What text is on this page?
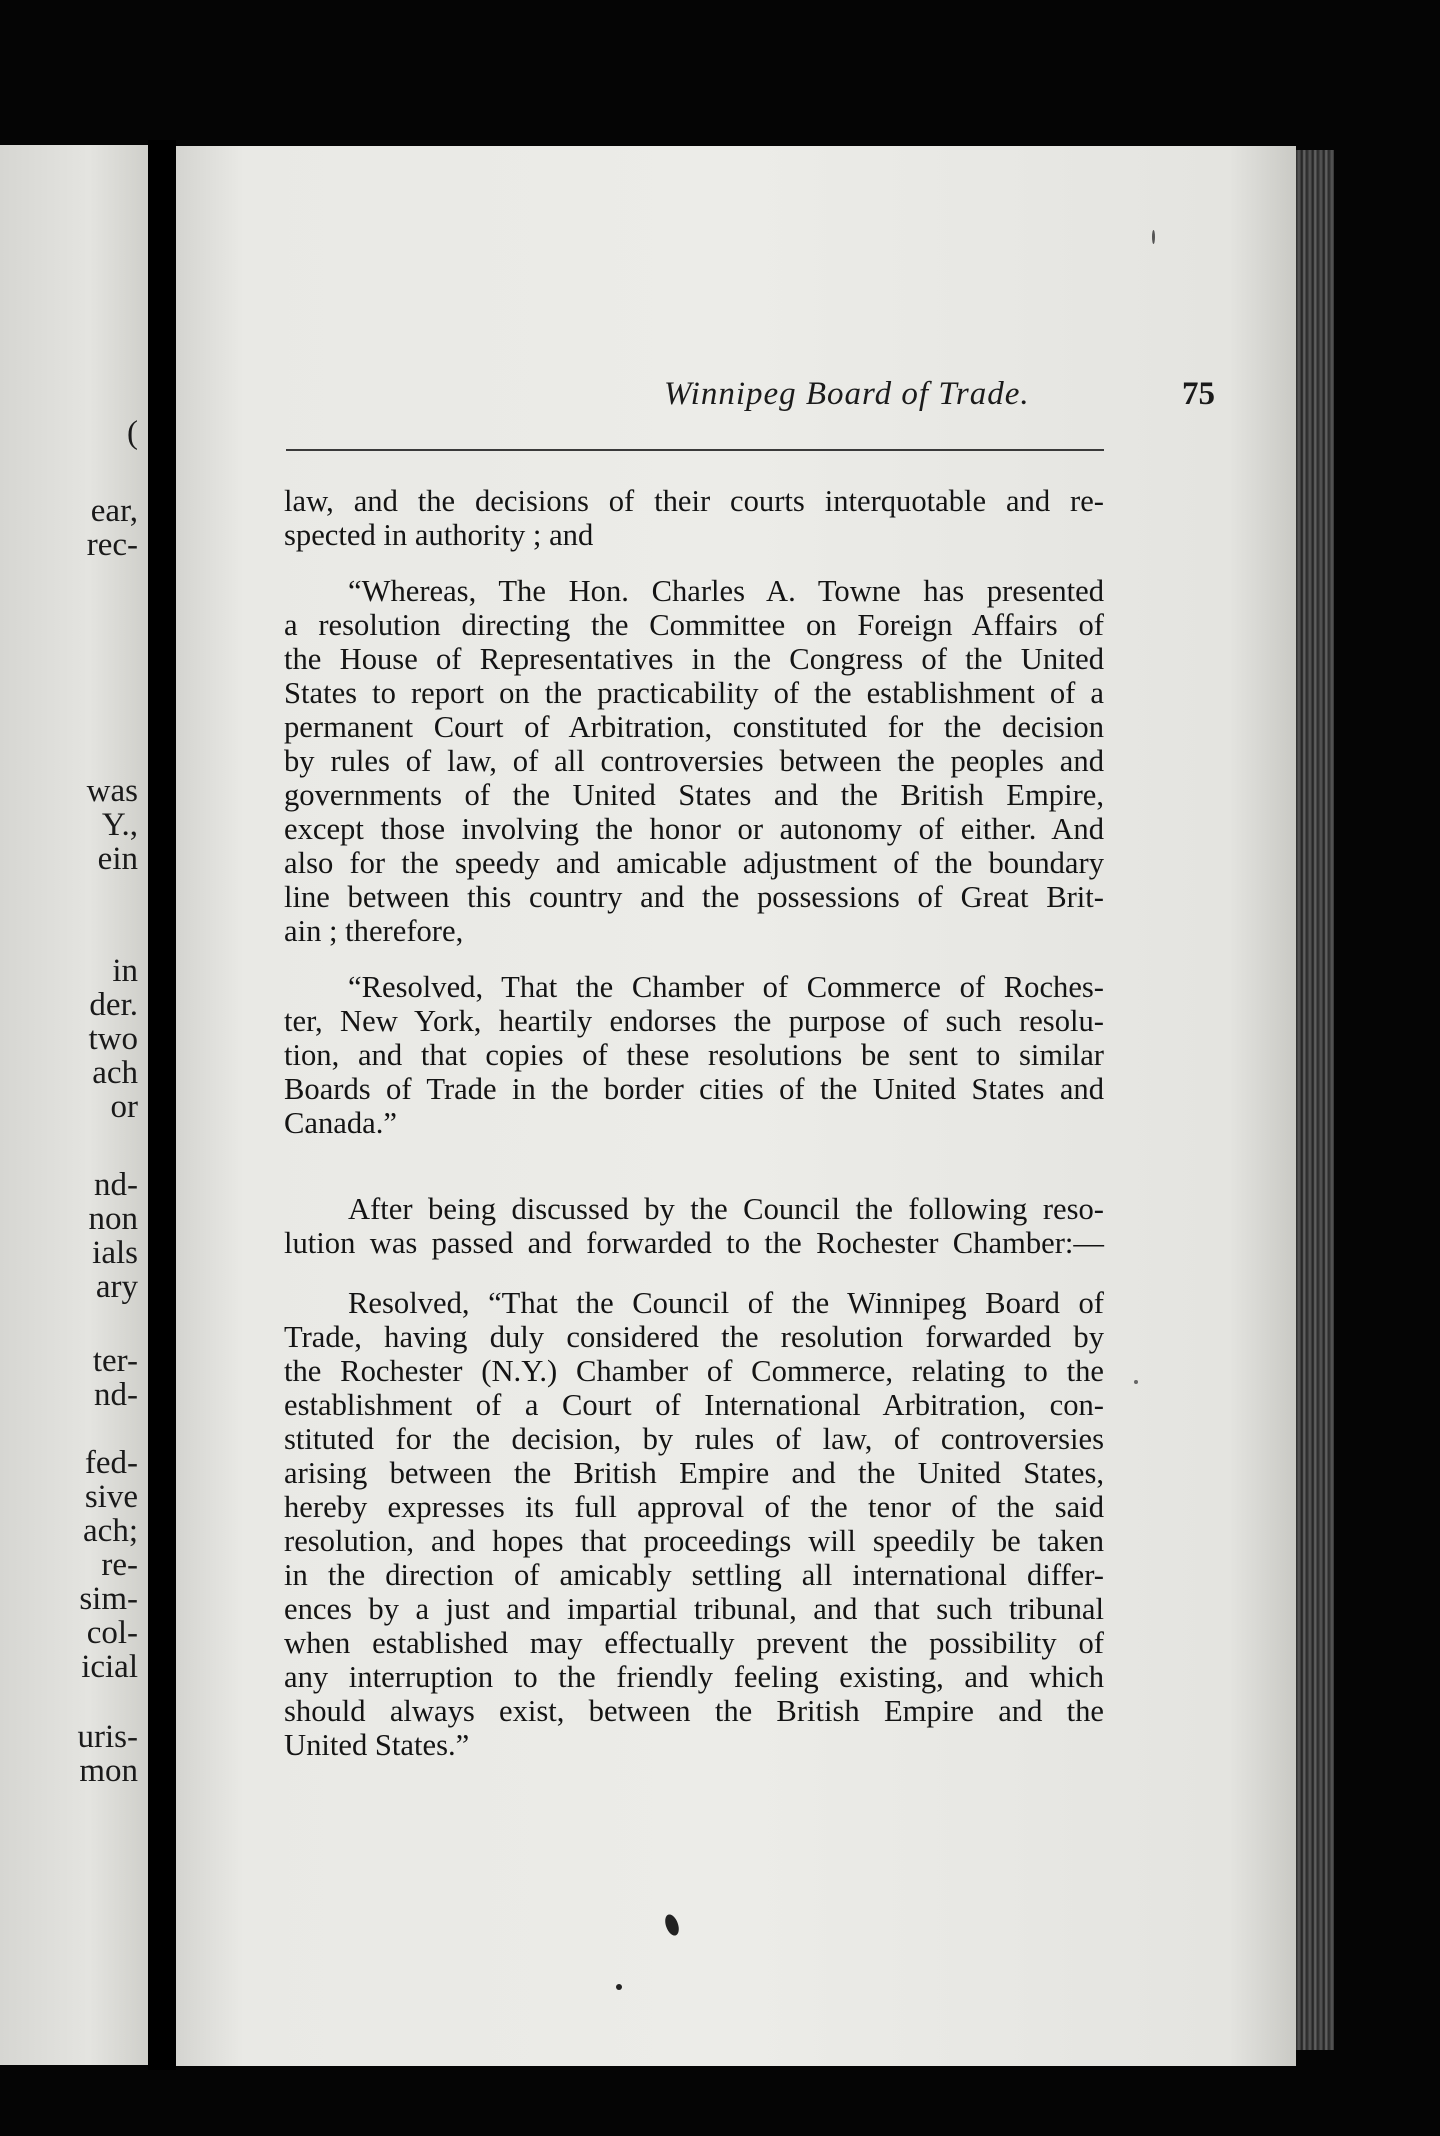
(
ear,
rec-
was
Y.,
ein
in
der.
two
ach
or
nd-
non
ials
ary
ter-
nd-
fed-
sive
ach;
re-
sim-
col-
icial
uris-
mon
Winnipeg Board of Trade.	75
law, and the decisions of their courts interquotable and re-
spected in authority ; and
“Whereas, The Hon. Charles A. Towne has presented
a resolution directing the Committee on Foreign Affairs of
the House of Representatives in the Congress of the United
States to report on the practicability of the establishment of a
permanent Court of Arbitration, constituted for the decision
by rules of law, of all controversies between the peoples and
governments of the United States and the British Empire,
except those involving the honor or autonomy of either. And
also for the speedy and amicable adjustment of the boundary
line between this country and the possessions of Great Brit-
ain ; therefore,
“Resolved, That the Chamber of Commerce of Roches-
ter, New York, heartily endorses the purpose of such resolu-
tion, and that copies of these resolutions be sent to similar
Boards of Trade in the border cities of the United States and
Canada.”
After being discussed by the Council the following reso-
lution was passed and forwarded to the Rochester Chamber:—
Resolved, “That the Council of the Winnipeg Board of
Trade, having duly considered the resolution forwarded by
the Rochester (N.Y.) Chamber of Commerce, relating to the
establishment of a Court of International Arbitration, con-
stituted for the decision, by rules of law, of controversies
arising between the British Empire and the United States,
hereby expresses its full approval of the tenor of the said
resolution, and hopes that proceedings will speedily be taken
in the direction of amicably settling all international differ-
ences by a just and impartial tribunal, and that such tribunal
when established may effectually prevent the possibility of
any interruption to the friendly feeling existing, and which
should always exist, between the British Empire and the
United States.”
